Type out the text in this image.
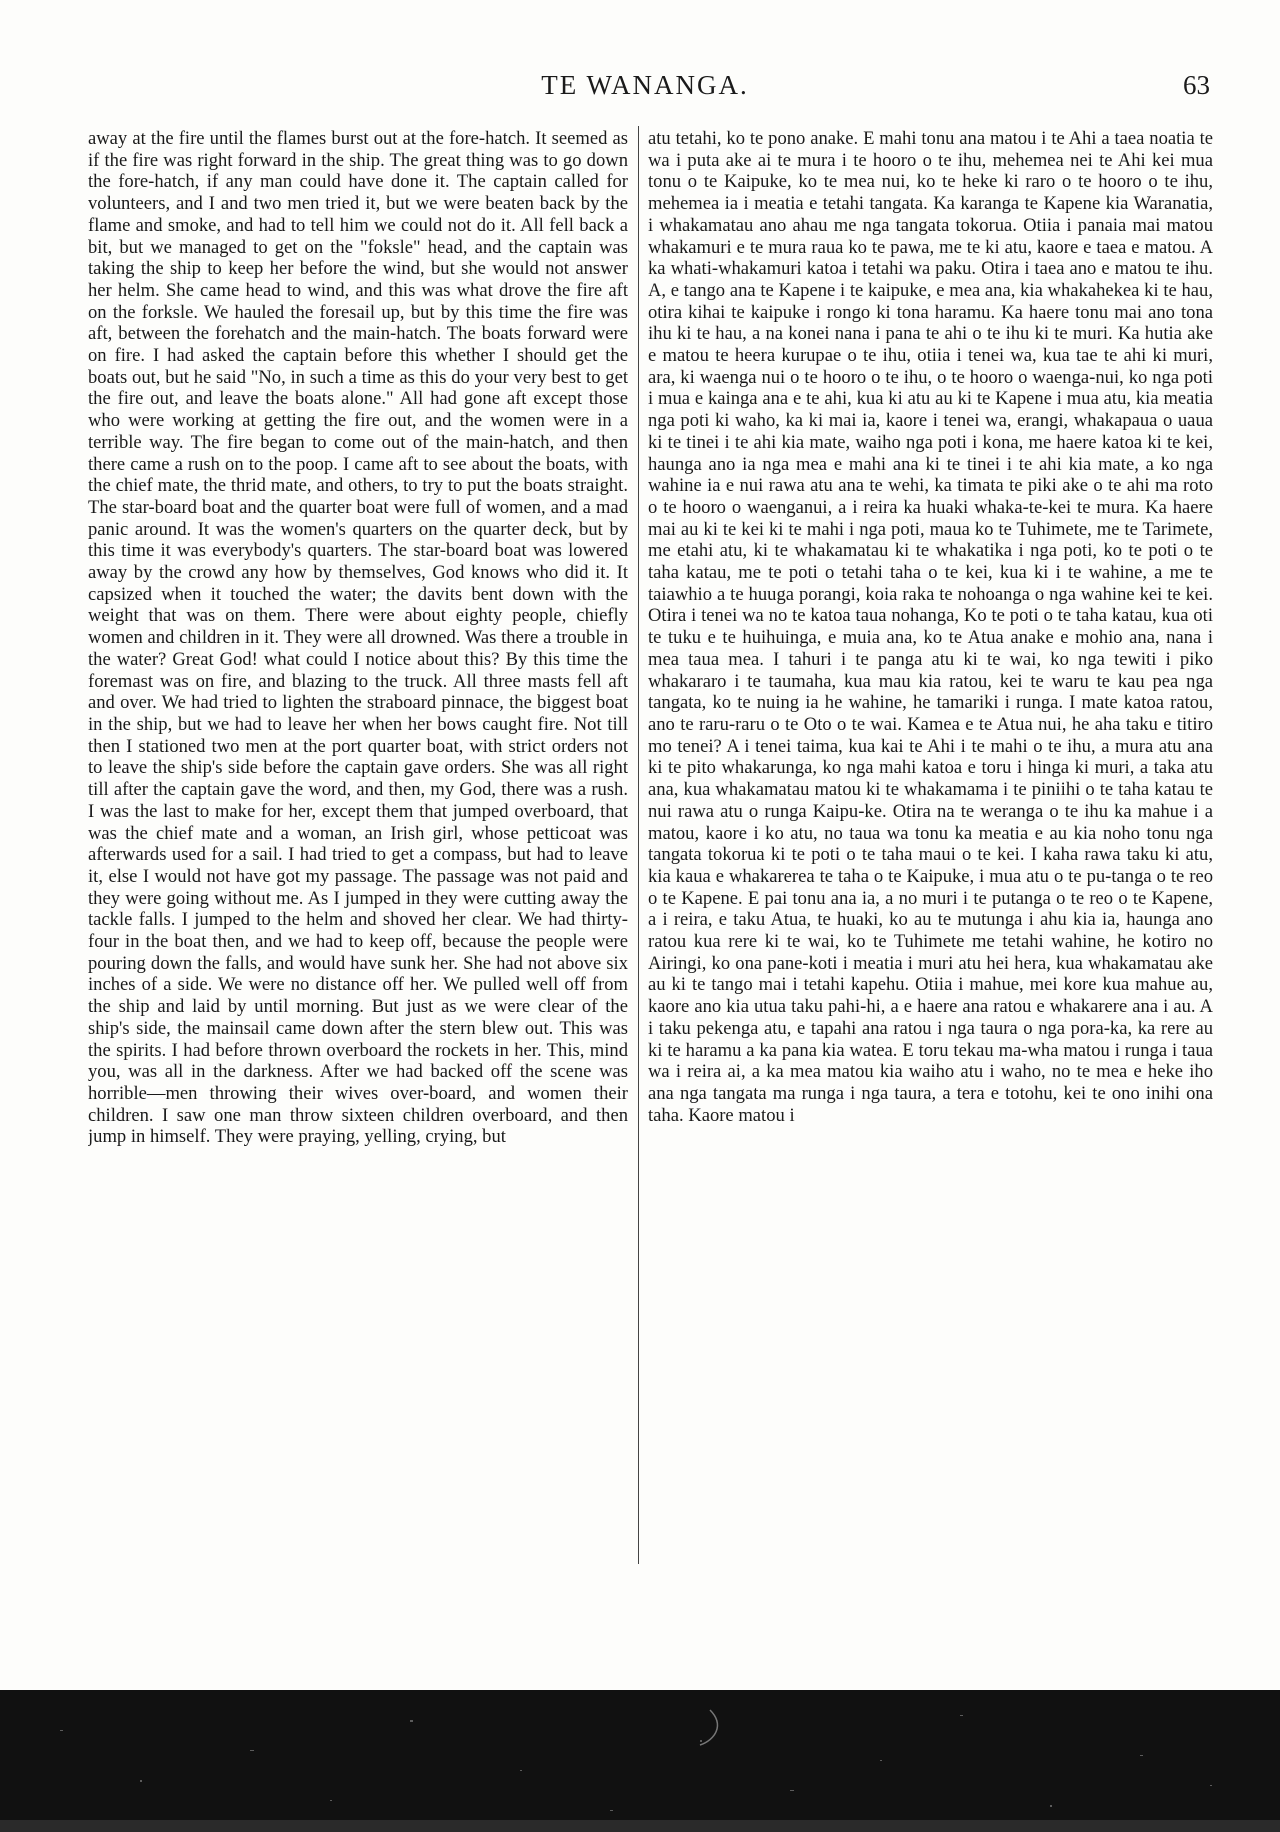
TE WANANGA.	63

away at the fire until the flames burst out at the fore-hatch. It seemed as if the fire was right forward in the ship. The great thing was to go down the fore-hatch, if any man could have done it. The captain called for volunteers, and I and two men tried it, but we were beaten back by the flame and smoke, and had to tell him we could not do it. All fell back a bit, but we managed to get on the "foksle" head, and the captain was taking the ship to keep her before the wind, but she would not answer her helm. She came head to wind, and this was what drove the fire aft on the forksle. We hauled the foresail up, but by this time the fire was aft, between the forehatch and the main-hatch. The boats forward were on fire. I had asked the captain before this whether I should get the boats out, but he said "No, in such a time as this do your very best to get the fire out, and leave the boats alone." All had gone aft except those who were working at getting the fire out, and the women were in a terrible way. The fire began to come out of the main-hatch, and then there came a rush on to the poop. I came aft to see about the boats, with the chief mate, the thrid mate, and others, to try to put the boats straight. The star-board boat and the quarter boat were full of women, and a mad panic around. It was the women's quarters on the quarter deck, but by this time it was everybody's quarters. The star-board boat was lowered away by the crowd any how by themselves, God knows who did it. It capsized when it touched the water; the davits bent down with the weight that was on them. There were about eighty people, chiefly women and children in it. They were all drowned. Was there a trouble in the water? Great God! what could I notice about this? By this time the foremast was on fire, and blazing to the truck. All three masts fell aft and over. We had tried to lighten the straboard pinnace, the biggest boat in the ship, but we had to leave her when her bows caught fire. Not till then I stationed two men at the port quarter boat, with strict orders not to leave the ship's side before the captain gave orders. She was all right till after the captain gave the word, and then, my God, there was a rush. I was the last to make for her, except them that jumped overboard, that was the chief mate and a woman, an Irish girl, whose petticoat was afterwards used for a sail. I had tried to get a compass, but had to leave it, else I would not have got my passage. The passage was not paid and they were going without me. As I jumped in they were cutting away the tackle falls. I jumped to the helm and shoved her clear. We had thirty-four in the boat then, and we had to keep off, because the people were pouring down the falls, and would have sunk her. She had not above six inches of a side. We were no distance off her. We pulled well off from the ship and laid by until morning. But just as we were clear of the ship's side, the mainsail came down after the stern blew out. This was the spirits. I had before thrown overboard the rockets in her. This, mind you, was all in the darkness. After we had backed off the scene was horrible—men throwing their wives over-board, and women their children. I saw one man throw sixteen children overboard, and then jump in himself. They were praying, yelling, crying, but

atu tetahi, ko te pono anake. E mahi tonu ana matou i te Ahi a taea noatia te wa i puta ake ai te mura i te hooro o te ihu, mehemea nei te Ahi kei mua tonu o te Kaipuke, ko te mea nui, ko te heke ki raro o te hooro o te ihu, mehemea ia i meatia e tetahi tangata. Ka karanga te Kapene kia Waranatia, i whakamatau ano ahau me nga tangata tokorua. Otiia i panaia mai matou whakamuri e te mura raua ko te pawa, me te ki atu, kaore e taea e matou. A ka whati-whakamuri katoa i tetahi wa paku. Otira i taea ano e matou te ihu. A, e tango ana te Kapene i te kaipuke, e mea ana, kia whakahekea ki te hau, otira kihai te kaipuke i rongo ki tona haramu. Ka haere tonu mai ano tona ihu ki te hau, a na konei nana i pana te ahi o te ihu ki te muri. Ka hutia ake e matou te heera kurupae o te ihu, otiia i tenei wa, kua tae te ahi ki muri, ara, ki waenga nui o te hooro o te ihu, o te hooro o waenga-nui, ko nga poti i mua e kainga ana e te ahi, kua ki atu au ki te Kapene i mua atu, kia meatia nga poti ki waho, ka ki mai ia, kaore i tenei wa, erangi, whakapaua o uaua ki te tinei i te ahi kia mate, waiho nga poti i kona, me haere katoa ki te kei, haunga ano ia nga mea e mahi ana ki te tinei i te ahi kia mate, a ko nga wahine ia e nui rawa atu ana te wehi, ka timata te piki ake o te ahi ma roto o te hooro o waenganui, a i reira ka huaki whaka-te-kei te mura. Ka haere mai au ki te kei ki te mahi i nga poti, maua ko te Tuhimete, me te Tarimete, me etahi atu, ki te whakamatau ki te whakatika i nga poti, ko te poti o te taha katau, me te poti o tetahi taha o te kei, kua ki i te wahine, a me te taiawhio a te huuga porangi, koia raka te nohoanga o nga wahine kei te kei. Otira i tenei wa no te katoa taua nohanga, Ko te poti o te taha katau, kua oti te tuku e te huihuinga, e muia ana, ko te Atua anake e mohio ana, nana i mea taua mea. I tahuri i te panga atu ki te wai, ko nga tewiti i piko whakararo i te taumaha, kua mau kia ratou, kei te waru te kau pea nga tangata, ko te nuing ia he wahine, he tamariki i runga. I mate katoa ratou, ano te raru-raru o te Oto o te wai. Kamea e te Atua nui, he aha taku e titiro mo tenei? A i tenei taima, kua kai te Ahi i te mahi o te ihu, a mura atu ana ki te pito whakarunga, ko nga mahi katoa e toru i hinga ki muri, a taka atu ana, kua whakamatau matou ki te whakamama i te piniihi o te taha katau te nui rawa atu o runga Kaipu-ke. Otira na te weranga o te ihu ka mahue i a matou, kaore i ko atu, no taua wa tonu ka meatia e au kia noho tonu nga tangata tokorua ki te poti o te taha maui o te kei. I kaha rawa taku ki atu, kia kaua e whakarerea te taha o te Kaipuke, i mua atu o te pu-tanga o te reo o te Kapene. E pai tonu ana ia, a no muri i te putanga o te reo o te Kapene, a i reira, e taku Atua, te huaki, ko au te mutunga i ahu kia ia, haunga ano ratou kua rere ki te wai, ko te Tuhimete me tetahi wahine, he kotiro no Airingi, ko ona pane-koti i meatia i muri atu hei hera, kua whakamatau ake au ki te tango mai i tetahi kapehu. Otiia i mahue, mei kore kua mahue au, kaore ano kia utua taku pahi-hi, a e haere ana ratou e whakarere ana i au. A i taku pekenga atu, e tapahi ana ratou i nga taura o nga pora-ka, ka rere au ki te haramu a ka pana kia watea. E toru tekau ma-wha matou i runga i taua wa i reira ai, a ka mea matou kia waiho atu i waho, no te mea e heke iho ana nga tangata ma runga i nga taura, a tera e totohu, kei te ono inihi ona taha. Kaore matou i
